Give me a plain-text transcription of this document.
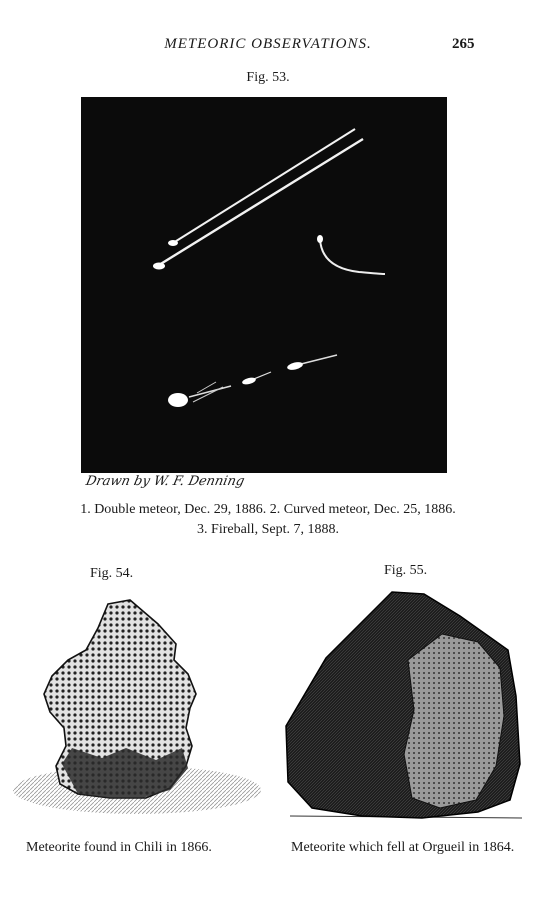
METEORIC OBSERVATIONS.	265
Fig. 53.
Drawn by W. F. Denning
1. Double meteor, Dec. 29, 1886. 2. Curved meteor, Dec. 25, 1886.
3. Fireball, Sept. 7, 1888.
Fig. 54.	Fig. 55.
Meteorite found in Chili in 1866.	Meteorite which fell at Orgueil in 1864.
